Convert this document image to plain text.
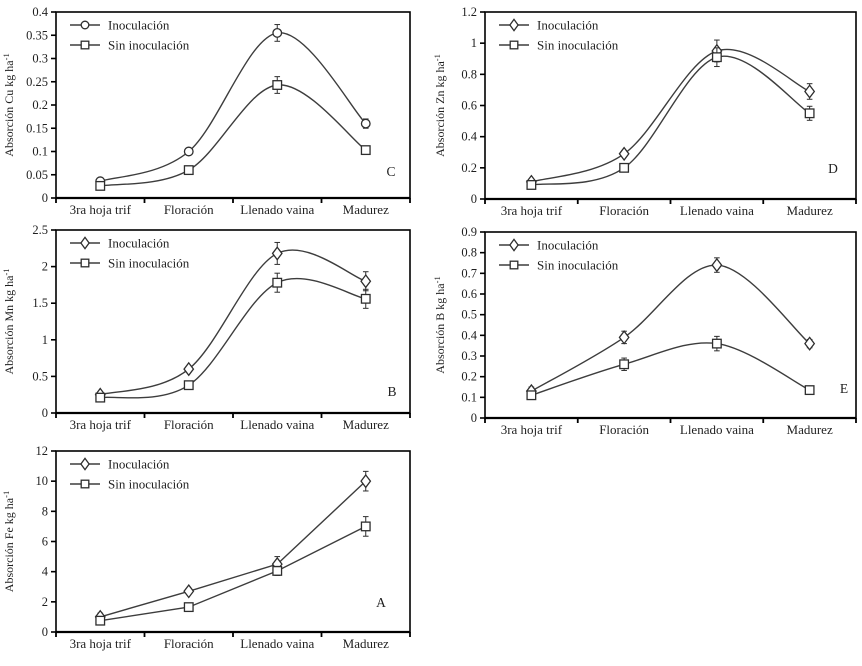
0
0.05
0.1
0.15
0.2
0.25
0.3
0.35
0.4
3ra hoja trif	Floración Llenado vaina Madurez
Absorción Cu kg $ha^{-1}$
Inoculación
Sin inoculación
C
0
0.2
0.4
0.6
0.8
1
1.2
3ra hoja trif	Floración Llenado vaina	Madurez
Absorción Zn kg $ha^{-1}$
Inoculación
Sin inoculación
D
0
0.5
1
1.5
2
2.5
3ra hoja trif	Floración Llenado vaina Madurez
Absorción Mn kg $ha^{-1}$
Inoculación
Sin inoculación
B
0
0.1
0.2
0.3
0.4
0.5
0.6
0.7
0.8
0.9
3ra hoja trif	Floración Llenado vaina	Madurez
Absorción B kg $ha^{-1}$
Inoculación
Sin inoculación
E
0
2
4
6
8
10
12
3ra hoja trif	Floración Llenado vaina Madurez
Absorción Fe kg $ha^{-1}$
Inoculación
Sin inoculación
A
